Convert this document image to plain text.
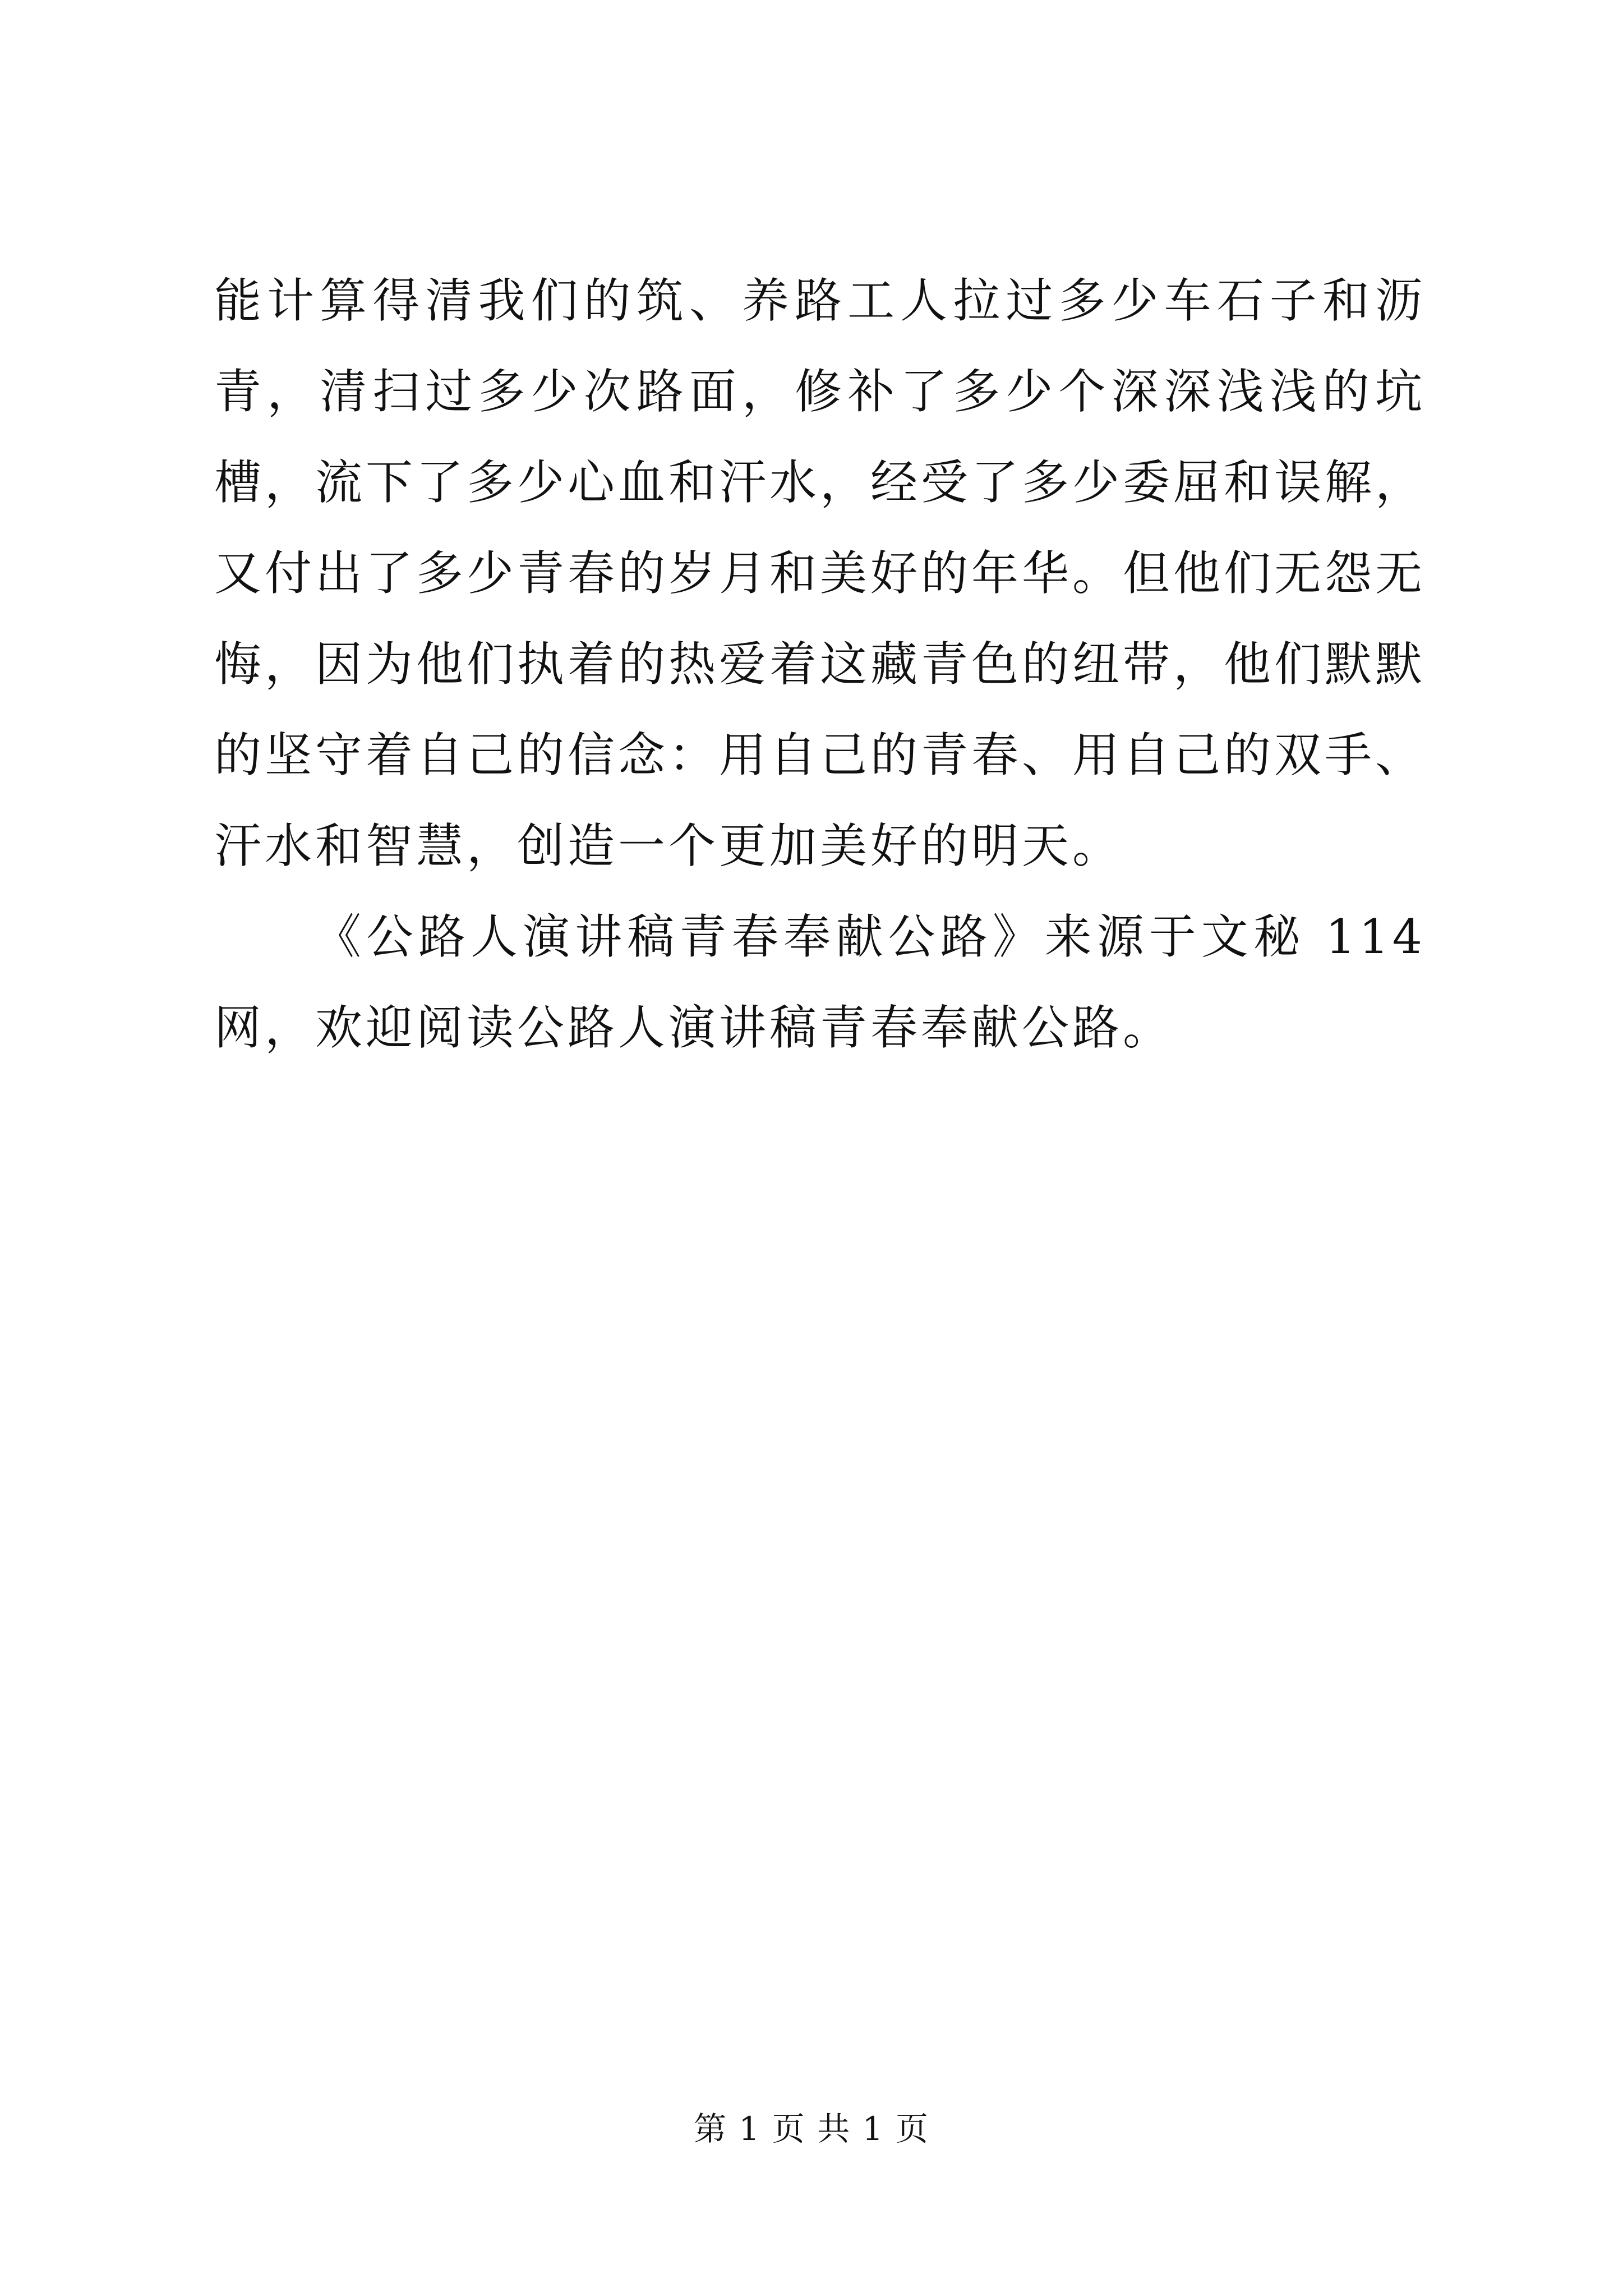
能计算得清我们的筑、养路工人拉过多少车石子和沥青，清扫过多少次路面，修补了多少个深深浅浅的坑槽，流下了多少心血和汗水，经受了多少委屈和误解，又付出了多少青春的岁月和美好的年华。但他们无怨无悔，因为他们执着的热爱着这藏青色的纽带，他们默默的坚守着自己的信念：用自己的青春、用自己的双手、汗水和智慧，创造一个更加美好的明天。

《公路人演讲稿青春奉献公路》来源于文秘 114 网，欢迎阅读公路人演讲稿青春奉献公路。

第 1 页 共 1 页
